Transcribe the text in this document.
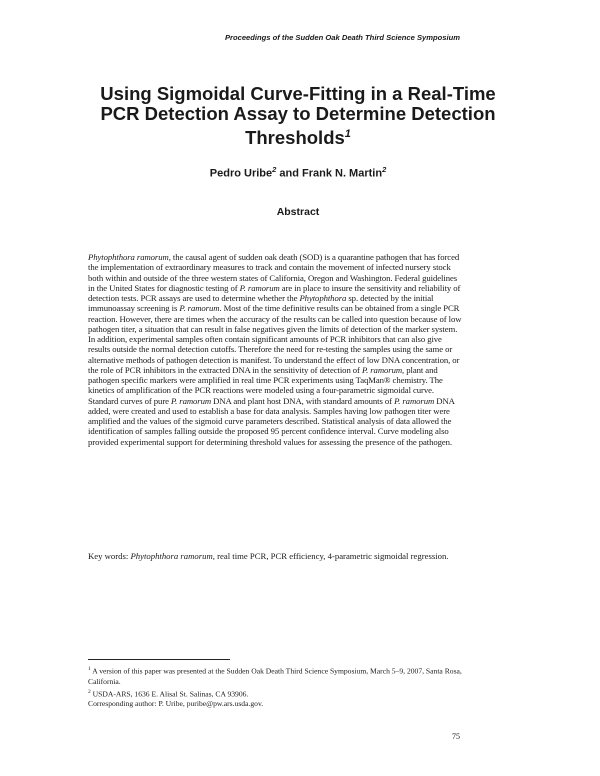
Proceedings of the Sudden Oak Death Third Science Symposium
Using Sigmoidal Curve-Fitting in a Real-Time PCR Detection Assay to Determine Detection Thresholds$^1$
Pedro Uribe$^2$ and Frank N. Martin$^2$
Abstract

Phytophthora ramorum, the causal agent of sudden oak death (SOD) is a quarantine pathogen that has forced the implementation of extraordinary measures to track and contain the movement of infected nursery stock both within and outside of the three western states of California, Oregon and Washington. Federal guidelines in the United States for diagnostic testing of P. ramorum are in place to insure the sensitivity and reliability of detection tests. PCR assays are used to determine whether the Phytophthora sp. detected by the initial immunoassay screening is P. ramorum. Most of the time definitive results can be obtained from a single PCR reaction. However, there are times when the accuracy of the results can be called into question because of low pathogen titer, a situation that can result in false negatives given the limits of detection of the marker system. In addition, experimental samples often contain significant amounts of PCR inhibitors that can also give results outside the normal detection cutoffs. Therefore the need for re-testing the samples using the same or alternative methods of pathogen detection is manifest. To understand the effect of low DNA concentration, or the role of PCR inhibitors in the extracted DNA in the sensitivity of detection of P. ramorum, plant and pathogen specific markers were amplified in real time PCR experiments using TaqMan® chemistry. The kinetics of amplification of the PCR reactions were modeled using a four-parametric sigmoidal curve. Standard curves of pure P. ramorum DNA and plant host DNA, with standard amounts of P. ramorum DNA added, were created and used to establish a base for data analysis. Samples having low pathogen titer were amplified and the values of the sigmoid curve parameters described. Statistical analysis of data allowed the identification of samples falling outside the proposed 95 percent confidence interval. Curve modeling also provided experimental support for determining threshold values for assessing the presence of the pathogen.

Key words: Phytophthora ramorum, real time PCR, PCR efficiency, 4-parametric sigmoidal regression.

$^1$ A version of this paper was presented at the Sudden Oak Death Third Science Symposium, March 5–9, 2007, Santa Rosa, California.
$^2$ USDA-ARS, 1636 E. Alisal St. Salinas, CA 93906.
Corresponding author: P. Uribe, puribe@pw.ars.usda.gov.
75
